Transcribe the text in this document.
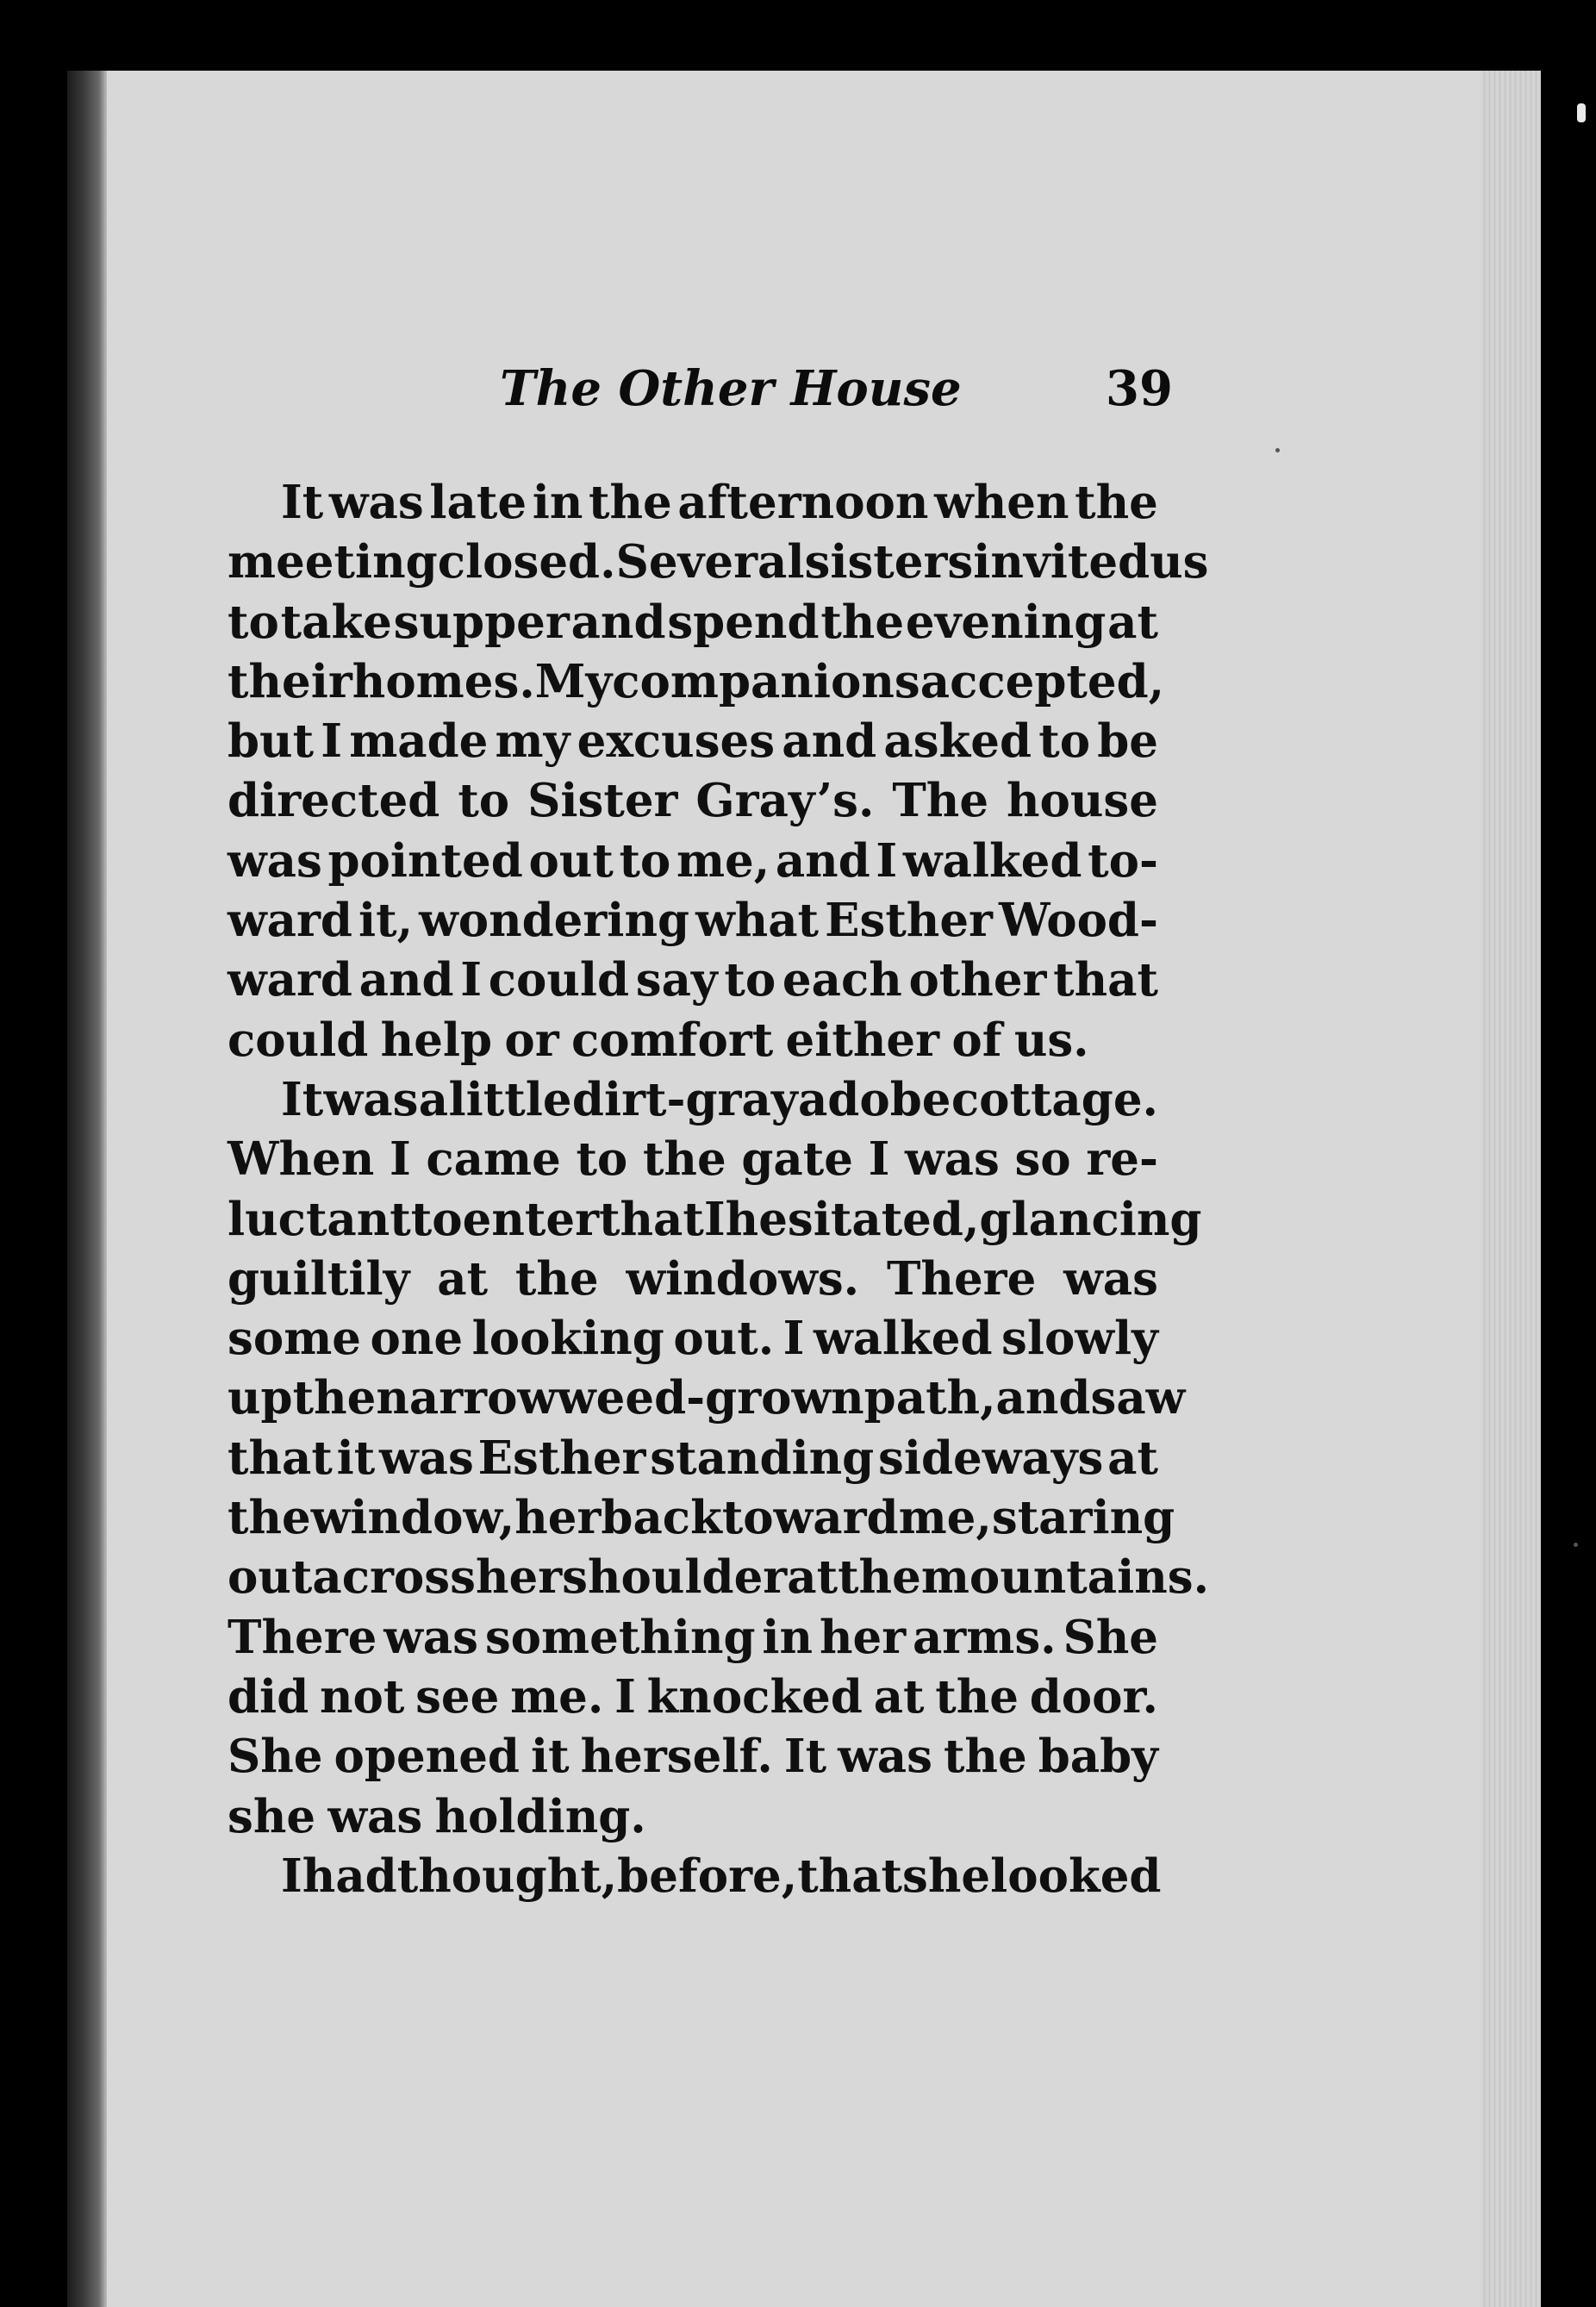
The Other House	39
It was late in the afternoon when the
meeting closed. Several sisters invited us
to take supper and spend the evening at
their homes. My companions accepted,
but I made my excuses and asked to be
directed to Sister Gray’s. The house
was pointed out to me, and I walked to-
ward it, wondering what Esther Wood-
ward and I could say to each other that
could help or comfort either of us.
It was a little dirt-gray adobe cottage.
When I came to the gate I was so re-
luctant to enter that I hesitated, glancing
guiltily at the windows. There was
some one looking out. I walked slowly
up the narrow weed-grown path, and saw
that it was Esther standing sideways at
the window, her back toward me, staring
out across her shoulder at the mountains.
There was something in her arms. She
did not see me. I knocked at the door.
She opened it herself. It was the baby
she was holding.
I had thought, before, that she looked
